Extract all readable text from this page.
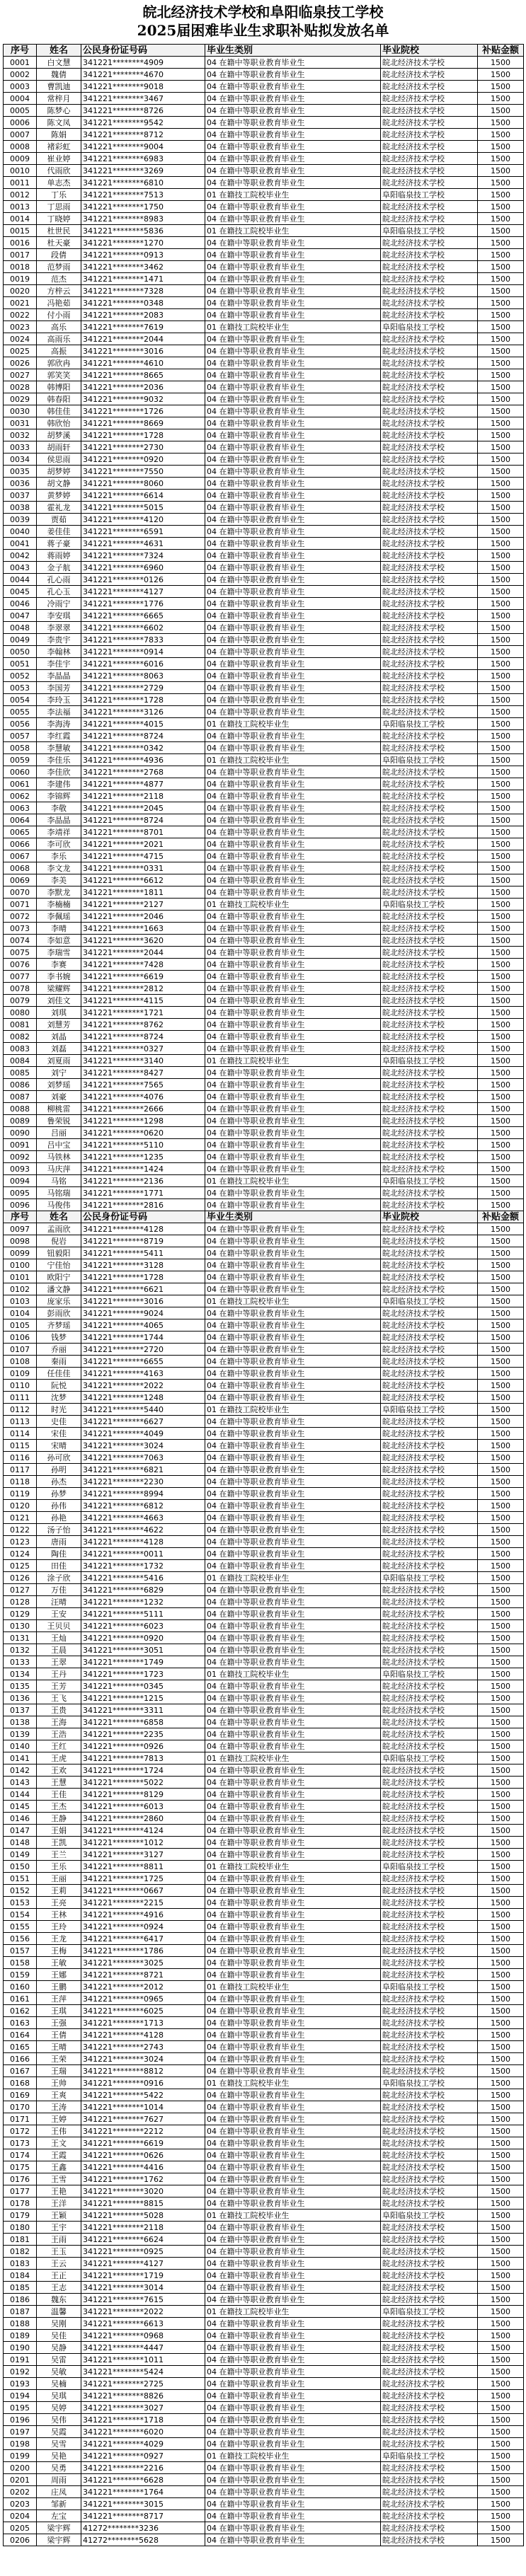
皖北经济技术学校和阜阳临泉技工学校
2025届困难毕业生求职补贴拟发放名单
序号	姓名	公民身份证号码	毕业生类别	毕业院校	补贴金额
0001	白文慧	341221********4909	04 在籍中等职业教育毕业生	皖北经济技术学校	1500
0002	魏倩	341221********4670	04 在籍中等职业教育毕业生	皖北经济技术学校	1500
0003	曹凯迪	341221********9018	04 在籍中等职业教育毕业生	皖北经济技术学校	1500
0004	常梓月	341221********3467	04 在籍中等职业教育毕业生	皖北经济技术学校	1500
0005	陈梦心	341221********8726	04 在籍中等职业教育毕业生	皖北经济技术学校	1500
0006	陈文凤	341221********9542	04 在籍中等职业教育毕业生	皖北经济技术学校	1500
0007	陈娟	341221********8712	04 在籍中等职业教育毕业生	皖北经济技术学校	1500
0008	褚彩虹	341221********9004	04 在籍中等职业教育毕业生	皖北经济技术学校	1500
0009	崔业婷	341221********6983	04 在籍中等职业教育毕业生	皖北经济技术学校	1500
0010	代雨欣	341221********3269	04 在籍中等职业教育毕业生	皖北经济技术学校	1500
0011	单志杰	341221********6810	04 在籍中等职业教育毕业生	皖北经济技术学校	1500
0012	丁乐	341221********7513	01 在籍技工院校毕业生	阜阳临泉技工学校	1500
0013	丁思雨	341221********1750	04 在籍中等职业教育毕业生	皖北经济技术学校	1500
0014	丁晓婷	341221********8983	04 在籍中等职业教育毕业生	皖北经济技术学校	1500
0015	杜世民	341221********5836	01 在籍技工院校毕业生	阜阳临泉技工学校	1500
0016	杜天豪	341221********1270	04 在籍中等职业教育毕业生	皖北经济技术学校	1500
0017	段倩	341221********0913	04 在籍中等职业教育毕业生	皖北经济技术学校	1500
0018	范梦雨	341221********3462	04 在籍中等职业教育毕业生	皖北经济技术学校	1500
0019	范杰	341221********1471	04 在籍中等职业教育毕业生	皖北经济技术学校	1500
0020	方梓云	341221********7328	04 在籍中等职业教育毕业生	皖北经济技术学校	1500
0021	冯艳茹	341221********0348	04 在籍中等职业教育毕业生	皖北经济技术学校	1500
0022	付小雨	341221********2083	04 在籍中等职业教育毕业生	皖北经济技术学校	1500
0023	高乐	341221********7619	01 在籍技工院校毕业生	阜阳临泉技工学校	1500
0024	高雨乐	341221********2044	04 在籍中等职业教育毕业生	皖北经济技术学校	1500
0025	高振	341221********3016	04 在籍中等职业教育毕业生	皖北经济技术学校	1500
0026	郭欣冉	341221********4610	04 在籍中等职业教育毕业生	皖北经济技术学校	1500
0027	郭笑笑	341221********8665	04 在籍中等职业教育毕业生	皖北经济技术学校	1500
0028	韩博阳	341221********2036	04 在籍中等职业教育毕业生	皖北经济技术学校	1500
0029	韩春阳	341221********9032	04 在籍中等职业教育毕业生	皖北经济技术学校	1500
0030	韩佳佳	341221********1726	04 在籍中等职业教育毕业生	皖北经济技术学校	1500
0031	韩欣怡	341221********8669	04 在籍中等职业教育毕业生	皖北经济技术学校	1500
0032	胡梦溪	341221********1728	04 在籍中等职业教育毕业生	皖北经济技术学校	1500
0033	胡雨轩	341221********2730	04 在籍中等职业教育毕业生	皖北经济技术学校	1500
0034	侯思雨	341221********0920	04 在籍中等职业教育毕业生	皖北经济技术学校	1500
0035	胡梦婷	341221********7550	04 在籍中等职业教育毕业生	皖北经济技术学校	1500
0036	胡文静	341221********8060	04 在籍中等职业教育毕业生	皖北经济技术学校	1500
0037	黄梦婷	341221********6614	04 在籍中等职业教育毕业生	皖北经济技术学校	1500
0038	霍礼龙	341221********5015	04 在籍中等职业教育毕业生	皖北经济技术学校	1500
0039	贾茹	341221********4120	04 在籍中等职业教育毕业生	皖北经济技术学校	1500
0040	姜佳佳	341221********6591	04 在籍中等职业教育毕业生	皖北经济技术学校	1500
0041	蒋子豪	341221********4631	04 在籍中等职业教育毕业生	皖北经济技术学校	1500
0042	蒋雨婷	341221********7324	04 在籍中等职业教育毕业生	皖北经济技术学校	1500
0043	金子航	341221********6960	04 在籍中等职业教育毕业生	皖北经济技术学校	1500
0044	孔心雨	341221********0126	04 在籍中等职业教育毕业生	皖北经济技术学校	1500
0045	孔心玉	341221********4127	04 在籍中等职业教育毕业生	皖北经济技术学校	1500
0046	冷雨宁	341221********1776	04 在籍中等职业教育毕业生	皖北经济技术学校	1500
0047	李安琪	341221********6665	04 在籍中等职业教育毕业生	皖北经济技术学校	1500
0048	李翠翠	341221********6602	04 在籍中等职业教育毕业生	皖北经济技术学校	1500
0049	李贵宇	341221********7833	04 在籍中等职业教育毕业生	皖北经济技术学校	1500
0050	李翰林	341221********0914	04 在籍中等职业教育毕业生	皖北经济技术学校	1500
0051	李佳宇	341221********6016	04 在籍中等职业教育毕业生	皖北经济技术学校	1500
0052	李晶晶	341221********8063	04 在籍中等职业教育毕业生	皖北经济技术学校	1500
0053	李国芳	341221********2729	04 在籍中等职业教育毕业生	皖北经济技术学校	1500
0054	李玲玉	341221********1728	04 在籍中等职业教育毕业生	皖北经济技术学校	1500
0055	李法福	341221********3126	04 在籍中等职业教育毕业生	皖北经济技术学校	1500
0056	李海涛	341221********4015	01 在籍技工院校毕业生	阜阳临泉技工学校	1500
0057	李红霞	341221********8724	04 在籍中等职业教育毕业生	皖北经济技术学校	1500
0058	李慧敏	341221********0342	04 在籍中等职业教育毕业生	皖北经济技术学校	1500
0059	李佳乐	341221********4936	01 在籍技工院校毕业生	阜阳临泉技工学校	1500
0060	李佳欣	341221********2768	04 在籍中等职业教育毕业生	皖北经济技术学校	1500
0061	李建伟	341221********4877	04 在籍中等职业教育毕业生	皖北经济技术学校	1500
0062	李锦辉	341221********2118	04 在籍中等职业教育毕业生	皖北经济技术学校	1500
0063	李敬	341221********2045	04 在籍中等职业教育毕业生	皖北经济技术学校	1500
0064	李晶晶	341221********8724	04 在籍中等职业教育毕业生	皖北经济技术学校	1500
0065	李靖祥	341221********8701	04 在籍中等职业教育毕业生	皖北经济技术学校	1500
0066	李可欣	341221********2021	04 在籍中等职业教育毕业生	皖北经济技术学校	1500
0067	李乐	341221********4715	04 在籍中等职业教育毕业生	皖北经济技术学校	1500
0068	李文龙	341221********0331	04 在籍中等职业教育毕业生	皖北经济技术学校	1500
0069	李美	341221********6612	04 在籍中等职业教育毕业生	皖北经济技术学校	1500
0070	李默龙	341221********1811	04 在籍中等职业教育毕业生	皖北经济技术学校	1500
0071	李楠楠	341221********2127	01 在籍技工院校毕业生	阜阳临泉技工学校	1500
0072	李佩瑶	341221********2046	04 在籍中等职业教育毕业生	皖北经济技术学校	1500
0073	李晴	341221********1663	04 在籍中等职业教育毕业生	皖北经济技术学校	1500
0074	李如意	341221********3620	04 在籍中等职业教育毕业生	皖北经济技术学校	1500
0075	李瑞雪	341221********2044	04 在籍中等职业教育毕业生	皖北经济技术学校	1500
0076	李赛	341221********7428	04 在籍中等职业教育毕业生	皖北经济技术学校	1500
0077	李书婉	341221********6619	04 在籍中等职业教育毕业生	皖北经济技术学校	1500
0078	梁耀辉	341221********2812	04 在籍中等职业教育毕业生	皖北经济技术学校	1500
0079	刘佳文	341221********4115	04 在籍中等职业教育毕业生	皖北经济技术学校	1500
0080	刘琪	341221********1721	04 在籍中等职业教育毕业生	皖北经济技术学校	1500
0081	刘慧芳	341221********8762	04 在籍中等职业教育毕业生	皖北经济技术学校	1500
0082	刘晶	341221********8724	04 在籍中等职业教育毕业生	皖北经济技术学校	1500
0083	刘磊	341221********0327	04 在籍中等职业教育毕业生	皖北经济技术学校	1500
0084	刘夏雨	341221********3140	01 在籍技工院校毕业生	阜阳临泉技工学校	1500
0085	刘宁	341221********8427	04 在籍中等职业教育毕业生	皖北经济技术学校	1500
0086	刘梦瑶	341221********7565	04 在籍中等职业教育毕业生	皖北经济技术学校	1500
0087	刘豪	341221********4076	04 在籍中等职业教育毕业生	皖北经济技术学校	1500
0088	柳桃雷	341221********2666	04 在籍中等职业教育毕业生	皖北经济技术学校	1500
0089	鲁荣锐	341221********1298	04 在籍中等职业教育毕业生	皖北经济技术学校	1500
0090	吕丽	341221********0620	04 在籍中等职业教育毕业生	皖北经济技术学校	1500
0091	吕中宝	341221********5110	04 在籍中等职业教育毕业生	皖北经济技术学校	1500
0092	马铁林	341221********1235	04 在籍中等职业教育毕业生	皖北经济技术学校	1500
0093	马庆萍	341221********1424	04 在籍中等职业教育毕业生	皖北经济技术学校	1500
0094	马铭	341221********2136	01 在籍技工院校毕业生	阜阳临泉技工学校	1500
0095	马铭瑞	341221********1771	04 在籍中等职业教育毕业生	皖北经济技术学校	1500
0096	马俊伟	341221********2816	04 在籍中等职业教育毕业生	皖北经济技术学校	1500
序号	姓名	公民身份证号码	毕业生类别	毕业院校	补贴金额
0097	孟雨欣	341221********4128	04 在籍中等职业教育毕业生	皖北经济技术学校	1500
0098	倪岩	341221********8719	04 在籍中等职业教育毕业生	皖北经济技术学校	1500
0099	钮毅阳	341221********5411	04 在籍中等职业教育毕业生	皖北经济技术学校	1500
0100	宁佳怡	341221********3128	04 在籍中等职业教育毕业生	皖北经济技术学校	1500
0101	欧阳宁	341221********1728	04 在籍中等职业教育毕业生	皖北经济技术学校	1500
0102	潘文静	341221********6621	04 在籍中等职业教育毕业生	皖北经济技术学校	1500
0103	庞家乐	341221********3016	01 在籍技工院校毕业生	阜阳临泉技工学校	1500
0104	彭雨欣	341221********9024	04 在籍中等职业教育毕业生	皖北经济技术学校	1500
0105	齐梦瑶	341221********4065	04 在籍中等职业教育毕业生	皖北经济技术学校	1500
0106	钱梦	341221********1744	04 在籍中等职业教育毕业生	皖北经济技术学校	1500
0107	乔丽	341221********2720	04 在籍中等职业教育毕业生	皖北经济技术学校	1500
0108	秦雨	341221********6655	04 在籍中等职业教育毕业生	皖北经济技术学校	1500
0109	任佳佳	341221********4163	04 在籍中等职业教育毕业生	皖北经济技术学校	1500
0110	阮悦	341221********2022	04 在籍中等职业教育毕业生	皖北经济技术学校	1500
0111	沈梦	341221********1248	04 在籍中等职业教育毕业生	皖北经济技术学校	1500
0112	时光	341221********5440	01 在籍技工院校毕业生	阜阳临泉技工学校	1500
0113	史佳	341221********6627	04 在籍中等职业教育毕业生	皖北经济技术学校	1500
0114	宋佳	341221********4049	04 在籍中等职业教育毕业生	皖北经济技术学校	1500
0115	宋晴	341221********3024	04 在籍中等职业教育毕业生	皖北经济技术学校	1500
0116	孙可欣	341221********7063	04 在籍中等职业教育毕业生	皖北经济技术学校	1500
0117	孙明	341221********6821	04 在籍中等职业教育毕业生	皖北经济技术学校	1500
0118	孙杰	341221********2230	04 在籍中等职业教育毕业生	皖北经济技术学校	1500
0119	孙梦	341221********8994	04 在籍中等职业教育毕业生	皖北经济技术学校	1500
0120	孙伟	341221********6812	04 在籍中等职业教育毕业生	皖北经济技术学校	1500
0121	孙艳	341221********4663	04 在籍中等职业教育毕业生	皖北经济技术学校	1500
0122	汤子怡	341221********4622	04 在籍中等职业教育毕业生	皖北经济技术学校	1500
0123	唐雨	341221********4128	04 在籍中等职业教育毕业生	皖北经济技术学校	1500
0124	陶佳	341221********0011	04 在籍中等职业教育毕业生	皖北经济技术学校	1500
0125	田佳	341221********1732	04 在籍中等职业教育毕业生	皖北经济技术学校	1500
0126	涂子欣	341221********5416	01 在籍技工院校毕业生	阜阳临泉技工学校	1500
0127	万佳	341221********6829	04 在籍中等职业教育毕业生	皖北经济技术学校	1500
0128	汪晴	341221********1232	04 在籍中等职业教育毕业生	皖北经济技术学校	1500
0129	王安	341221********5111	04 在籍中等职业教育毕业生	皖北经济技术学校	1500
0130	王贝贝	341221********6023	04 在籍中等职业教育毕业生	皖北经济技术学校	1500
0131	王灿	341221********0920	04 在籍中等职业教育毕业生	皖北经济技术学校	1500
0132	王晨	341221********3051	04 在籍中等职业教育毕业生	皖北经济技术学校	1500
0133	王翠	341221********1749	04 在籍中等职业教育毕业生	皖北经济技术学校	1500
0134	王丹	341221********1723	01 在籍技工院校毕业生	阜阳临泉技工学校	1500
0135	王芳	341221********0345	04 在籍中等职业教育毕业生	皖北经济技术学校	1500
0136	王飞	341221********1215	04 在籍中等职业教育毕业生	皖北经济技术学校	1500
0137	王贵	341221********3311	04 在籍中等职业教育毕业生	皖北经济技术学校	1500
0138	王海	341221********6858	04 在籍中等职业教育毕业生	皖北经济技术学校	1500
0139	王浩	341221********2235	04 在籍中等职业教育毕业生	皖北经济技术学校	1500
0140	王红	341221********0926	04 在籍中等职业教育毕业生	皖北经济技术学校	1500
0141	王虎	341221********7813	01 在籍技工院校毕业生	阜阳临泉技工学校	1500
0142	王欢	341221********1724	04 在籍中等职业教育毕业生	皖北经济技术学校	1500
0143	王慧	341221********5022	04 在籍中等职业教育毕业生	皖北经济技术学校	1500
0144	王佳	341221********8129	04 在籍中等职业教育毕业生	皖北经济技术学校	1500
0145	王杰	341221********6013	04 在籍中等职业教育毕业生	皖北经济技术学校	1500
0146	王静	341221********2860	04 在籍中等职业教育毕业生	皖北经济技术学校	1500
0147	王娟	341221********4124	04 在籍中等职业教育毕业生	皖北经济技术学校	1500
0148	王凯	341221********1012	04 在籍中等职业教育毕业生	皖北经济技术学校	1500
0149	王兰	341221********3127	04 在籍中等职业教育毕业生	皖北经济技术学校	1500
0150	王乐	341221********8811	01 在籍技工院校毕业生	阜阳临泉技工学校	1500
0151	王丽	341221********1725	04 在籍中等职业教育毕业生	皖北经济技术学校	1500
0152	王莉	341221********0667	04 在籍中等职业教育毕业生	皖北经济技术学校	1500
0153	王亮	341221********2215	04 在籍中等职业教育毕业生	皖北经济技术学校	1500
0154	王林	341221********4916	04 在籍中等职业教育毕业生	皖北经济技术学校	1500
0155	王玲	341221********0924	04 在籍中等职业教育毕业生	皖北经济技术学校	1500
0156	王龙	341221********6417	04 在籍中等职业教育毕业生	皖北经济技术学校	1500
0157	王梅	341221********1786	04 在籍中等职业教育毕业生	皖北经济技术学校	1500
0158	王敏	341221********3025	04 在籍中等职业教育毕业生	皖北经济技术学校	1500
0159	王娜	341221********8721	04 在籍中等职业教育毕业生	皖北经济技术学校	1500
0160	王鹏	341221********2012	01 在籍技工院校毕业生	阜阳临泉技工学校	1500
0161	王萍	341221********0965	04 在籍中等职业教育毕业生	皖北经济技术学校	1500
0162	王琪	341221********6025	04 在籍中等职业教育毕业生	皖北经济技术学校	1500
0163	王强	341221********1713	04 在籍中等职业教育毕业生	皖北经济技术学校	1500
0164	王倩	341221********4128	04 在籍中等职业教育毕业生	皖北经济技术学校	1500
0165	王晴	341221********2743	04 在籍中等职业教育毕业生	皖北经济技术学校	1500
0166	王荣	341221********3024	04 在籍中等职业教育毕业生	皖北经济技术学校	1500
0167	王瑞	341221********8812	04 在籍中等职业教育毕业生	皖北经济技术学校	1500
0168	王帅	341221********0916	01 在籍技工院校毕业生	阜阳临泉技工学校	1500
0169	王爽	341221********5422	04 在籍中等职业教育毕业生	皖北经济技术学校	1500
0170	王涛	341221********1014	04 在籍中等职业教育毕业生	皖北经济技术学校	1500
0171	王婷	341221********7627	04 在籍中等职业教育毕业生	皖北经济技术学校	1500
0172	王伟	341221********2212	04 在籍中等职业教育毕业生	皖北经济技术学校	1500
0173	王文	341221********6619	04 在籍中等职业教育毕业生	皖北经济技术学校	1500
0174	王霞	341221********0626	04 在籍中等职业教育毕业生	皖北经济技术学校	1500
0175	王鑫	341221********4416	04 在籍中等职业教育毕业生	皖北经济技术学校	1500
0176	王雪	341221********1762	04 在籍中等职业教育毕业生	皖北经济技术学校	1500
0177	王艳	341221********3020	04 在籍中等职业教育毕业生	皖北经济技术学校	1500
0178	王洋	341221********8815	04 在籍中等职业教育毕业生	皖北经济技术学校	1500
0179	王颖	341221********5028	01 在籍技工院校毕业生	阜阳临泉技工学校	1500
0180	王宇	341221********2118	04 在籍中等职业教育毕业生	皖北经济技术学校	1500
0181	王雨	341221********6624	04 在籍中等职业教育毕业生	皖北经济技术学校	1500
0182	王玉	341221********0925	04 在籍中等职业教育毕业生	皖北经济技术学校	1500
0183	王云	341221********4127	04 在籍中等职业教育毕业生	皖北经济技术学校	1500
0184	王正	341221********1719	04 在籍中等职业教育毕业生	皖北经济技术学校	1500
0185	王志	341221********3014	04 在籍中等职业教育毕业生	皖北经济技术学校	1500
0186	魏东	341221********7615	04 在籍中等职业教育毕业生	皖北经济技术学校	1500
0187	温馨	341221********2022	01 在籍技工院校毕业生	阜阳临泉技工学校	1500
0188	吴刚	341221********6613	04 在籍中等职业教育毕业生	皖北经济技术学校	1500
0189	吴佳	341221********0968	04 在籍中等职业教育毕业生	皖北经济技术学校	1500
0190	吴静	341221********4447	04 在籍中等职业教育毕业生	皖北经济技术学校	1500
0191	吴雷	341221********1011	04 在籍中等职业教育毕业生	皖北经济技术学校	1500
0192	吴敏	341221********5424	04 在籍中等职业教育毕业生	皖北经济技术学校	1500
0193	吴楠	341221********2725	04 在籍中等职业教育毕业生	皖北经济技术学校	1500
0194	吴琪	341221********8826	04 在籍中等职业教育毕业生	皖北经济技术学校	1500
0195	吴婷	341221********3027	04 在籍中等职业教育毕业生	皖北经济技术学校	1500
0196	吴伟	341221********1718	04 在籍中等职业教育毕业生	皖北经济技术学校	1500
0197	吴霞	341221********6020	04 在籍中等职业教育毕业生	皖北经济技术学校	1500
0198	吴雪	341221********4029	04 在籍中等职业教育毕业生	皖北经济技术学校	1500
0199	吴艳	341221********0927	01 在籍技工院校毕业生	阜阳临泉技工学校	1500
0200	吴勇	341221********2216	04 在籍中等职业教育毕业生	皖北经济技术学校	1500
0201	周雨	341221********6628	04 在籍中等职业教育毕业生	皖北经济技术学校	1500
0202	庄凤	341221********1764	04 在籍中等职业教育毕业生	皖北经济技术学校	1500
0203	邹新	341221********3015	04 在籍中等职业教育毕业生	皖北经济技术学校	1500
0204	左宝	341221********8717	04 在籍中等职业教育毕业生	皖北经济技术学校	1500
0205	梁宇辉	41272********3236	04 在籍中等职业教育毕业生	皖北经济技术学校	1500
0206	梁宇辉	41272********5628	04 在籍中等职业教育毕业生	皖北经济技术学校	1500
